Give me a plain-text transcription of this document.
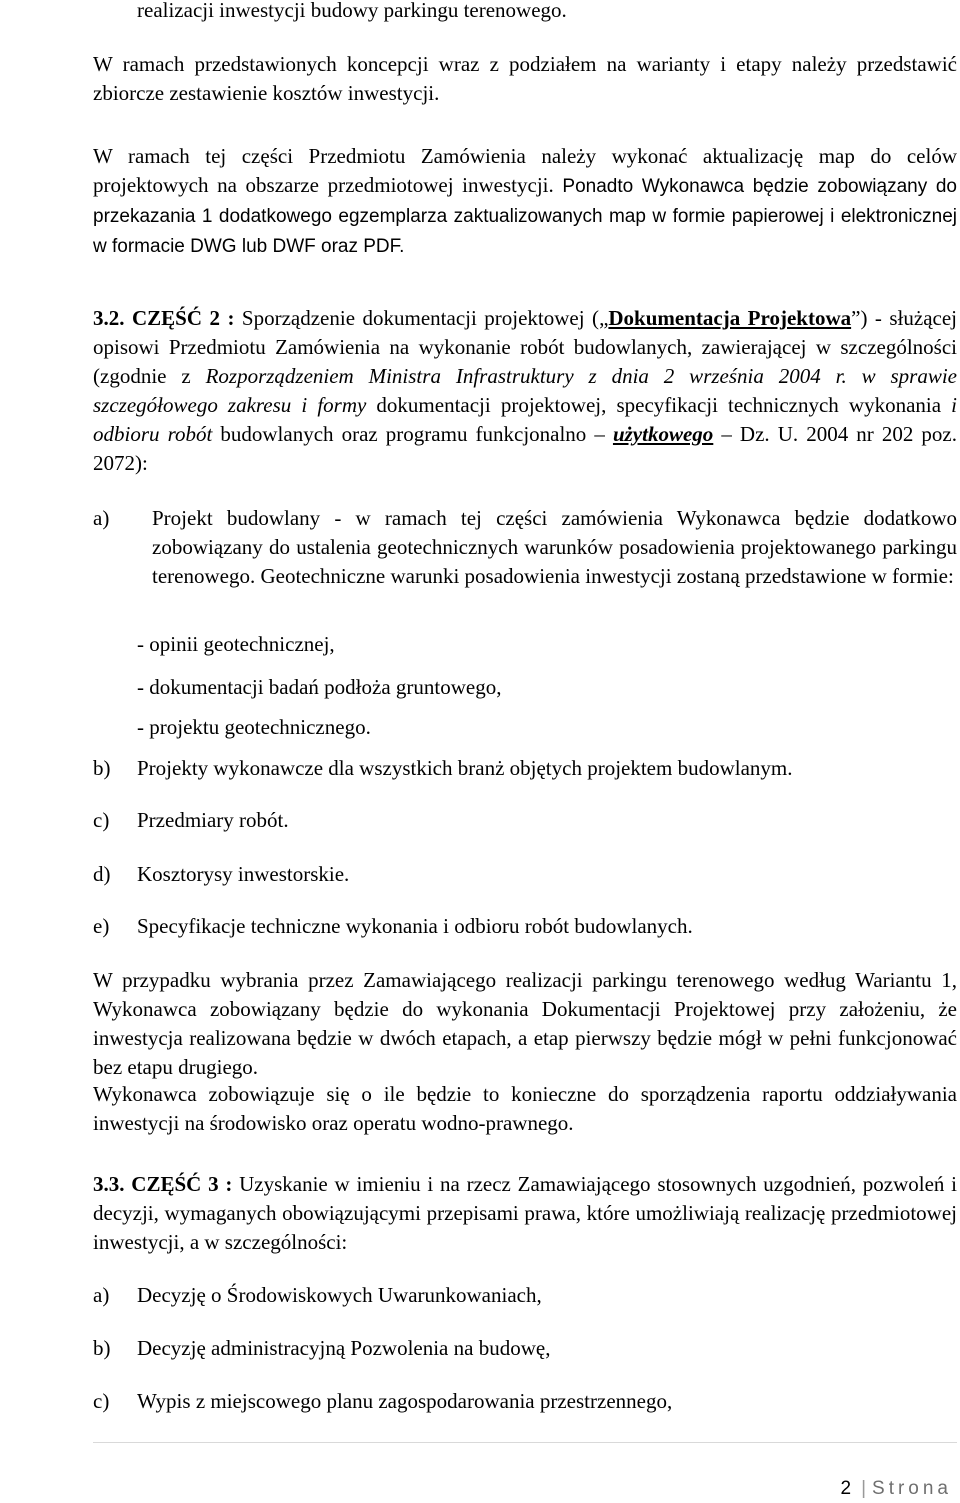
realizacji inwestycji budowy parkingu terenowego.

W ramach przedstawionych koncepcji wraz z podziałem na warianty i etapy należy przedstawić zbiorcze zestawienie kosztów inwestycji.

W ramach tej części Przedmiotu Zamówienia należy wykonać aktualizację map do celów projektowych na obszarze przedmiotowej inwestycji. Ponadto Wykonawca będzie zobowiązany do przekazania 1 dodatkowego egzemplarza zaktualizowanych map w formie papierowej i elektronicznej w formacie DWG lub DWF oraz PDF.

3.2. CZĘŚĆ 2 : Sporządzenie dokumentacji projektowej („Dokumentacja Projektowa”) - służącej opisowi Przedmiotu Zamówienia na wykonanie robót budowlanych, zawierającej w szczególności (zgodnie z Rozporządzeniem Ministra Infrastruktury z dnia 2 września 2004 r. w sprawie szczegółowego zakresu i formy dokumentacji projektowej, specyfikacji technicznych wykonania i odbioru robót budowlanych oraz programu funkcjonalno – użytkowego – Dz. U. 2004 nr 202 poz. 2072):

a) Projekt budowlany - w ramach tej części zamówienia Wykonawca będzie dodatkowo zobowiązany do ustalenia geotechnicznych warunków posadowienia projektowanego parkingu terenowego. Geotechniczne warunki posadowienia inwestycji zostaną przedstawione w formie:

- opinii geotechnicznej,
- dokumentacji badań podłoża gruntowego,
- projektu geotechnicznego.
b) Projekty wykonawcze dla wszystkich branż objętych projektem budowlanym.
c) Przedmiary robót.
d) Kosztorysy inwestorskie.
e) Specyfikacje techniczne wykonania i odbioru robót budowlanych.

W przypadku wybrania przez Zamawiającego realizacji parkingu terenowego według Wariantu 1, Wykonawca zobowiązany będzie do wykonania Dokumentacji Projektowej przy założeniu, że inwestycja realizowana będzie w dwóch etapach, a etap pierwszy będzie mógł w pełni funkcjonować bez etapu drugiego.

Wykonawca zobowiązuje się o ile będzie to konieczne do sporządzenia raportu oddziaływania inwestycji na środowisko oraz operatu wodno-prawnego.

3.3. CZĘŚĆ 3 : Uzyskanie w imieniu i na rzecz Zamawiającego stosownych uzgodnień, pozwoleń i decyzji, wymaganych obowiązującymi przepisami prawa, które umożliwiają realizację przedmiotowej inwestycji, a w szczególności:

a) Decyzję o Środowiskowych Uwarunkowaniach,
b) Decyzję administracyjną Pozwolenia na budowę,
c) Wypis z miejscowego planu zagospodarowania przestrzennego,
2 | Strona
